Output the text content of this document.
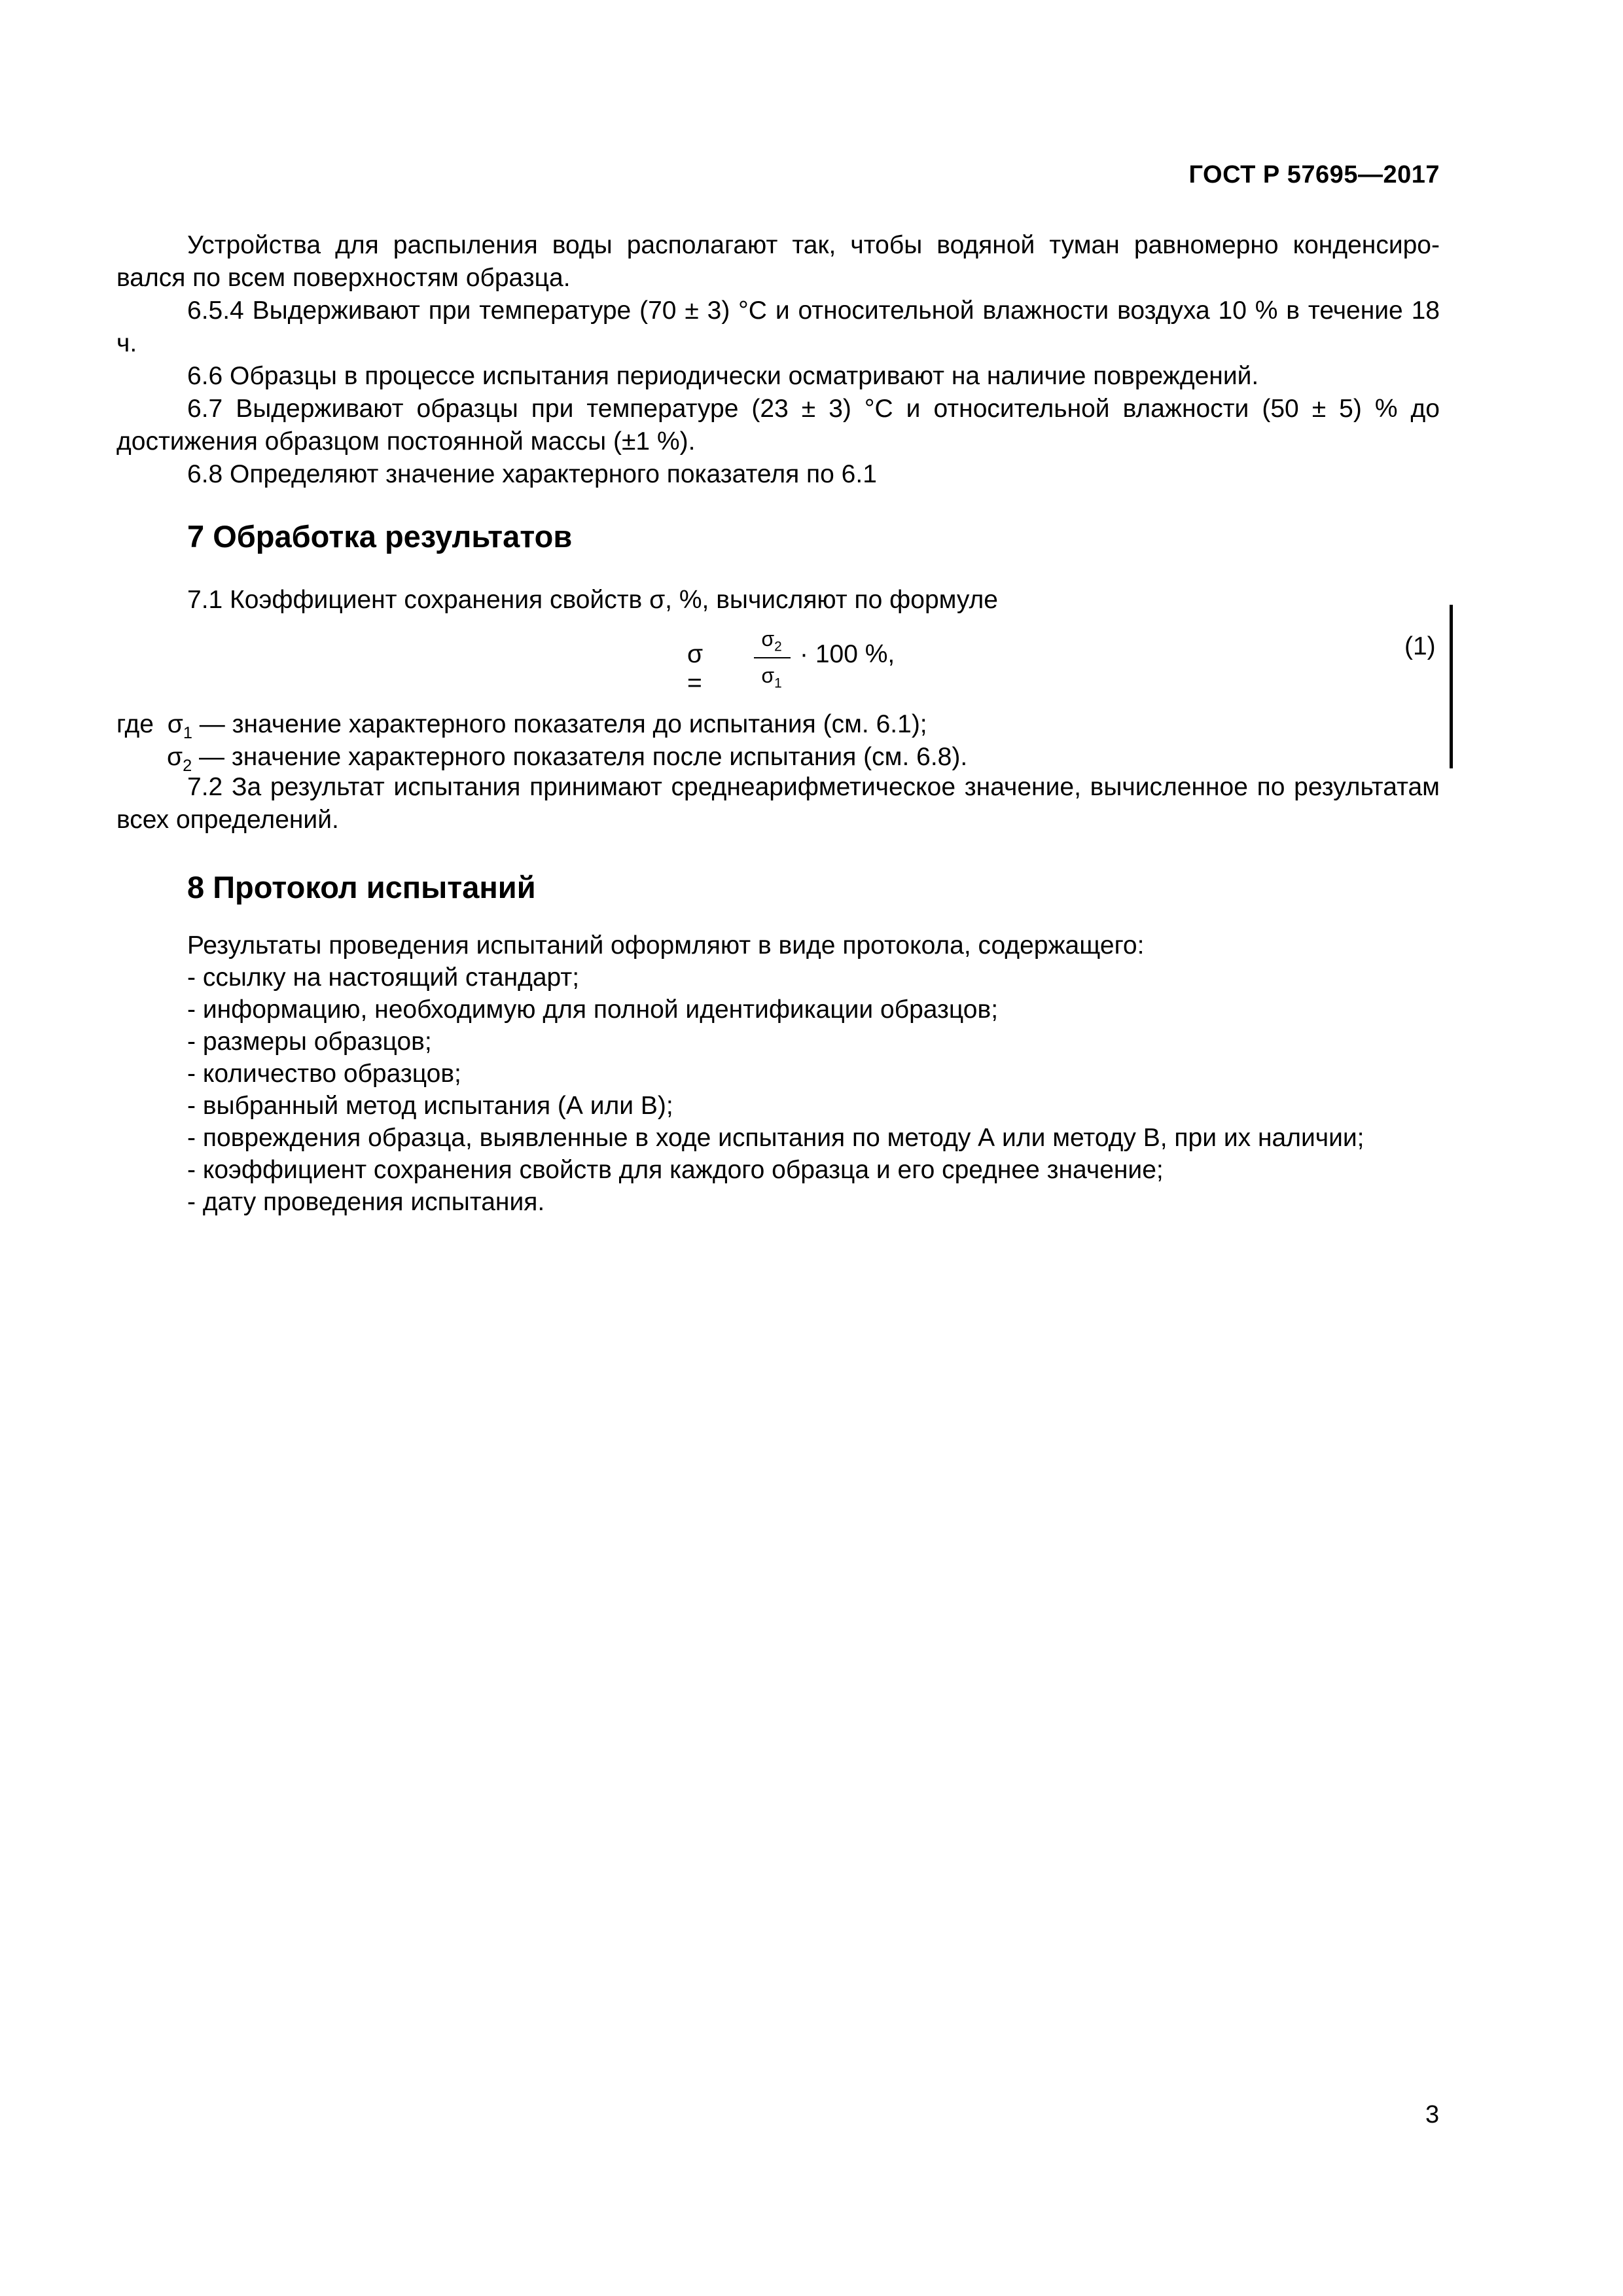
ГОСТ Р 57695—2017

Устройства для распыления воды располагают так, чтобы водяной туман равномерно конденсиро-

вался по всем поверхностям образца.

6.5.4 Выдерживают при температуре (70 ± 3) °С и относительной влажности воздуха 10 % в течение 18 ч.

6.6 Образцы в процессе испытания периодически осматривают на наличие повреждений.

6.7 Выдерживают образцы при температуре (23 ± 3) °С и относительной влажности (50 ± 5) % до достижения образцом постоянной массы (±1 %).

6.8 Определяют значение характерного показателя по 6.1

7 Обработка результатов

7.1 Коэффициент сохранения свойств σ, %, вычисляют по формуле

σ =
$\sigma_2$
$\sigma_1$
· 100 %,	(1)
где $\sigma_1$ — значение характерного показателя до испытания (см. 6.1);
$\sigma_2$ — значение характерного показателя после испытания (см. 6.8).

7.2 За результат испытания принимают среднеарифметическое значение, вычисленное по результатам всех определений.

8 Протокол испытаний
Результаты проведения испытаний оформляют в виде протокола, содержащего:
- ссылку на настоящий стандарт;
- информацию, необходимую для полной идентификации образцов;
- размеры образцов;
- количество образцов;
- выбранный метод испытания (А или В);
- повреждения образца, выявленные в ходе испытания по методу А или методу В, при их наличии;
- коэффициент сохранения свойств для каждого образца и его среднее значение;
- дату проведения испытания.
3
